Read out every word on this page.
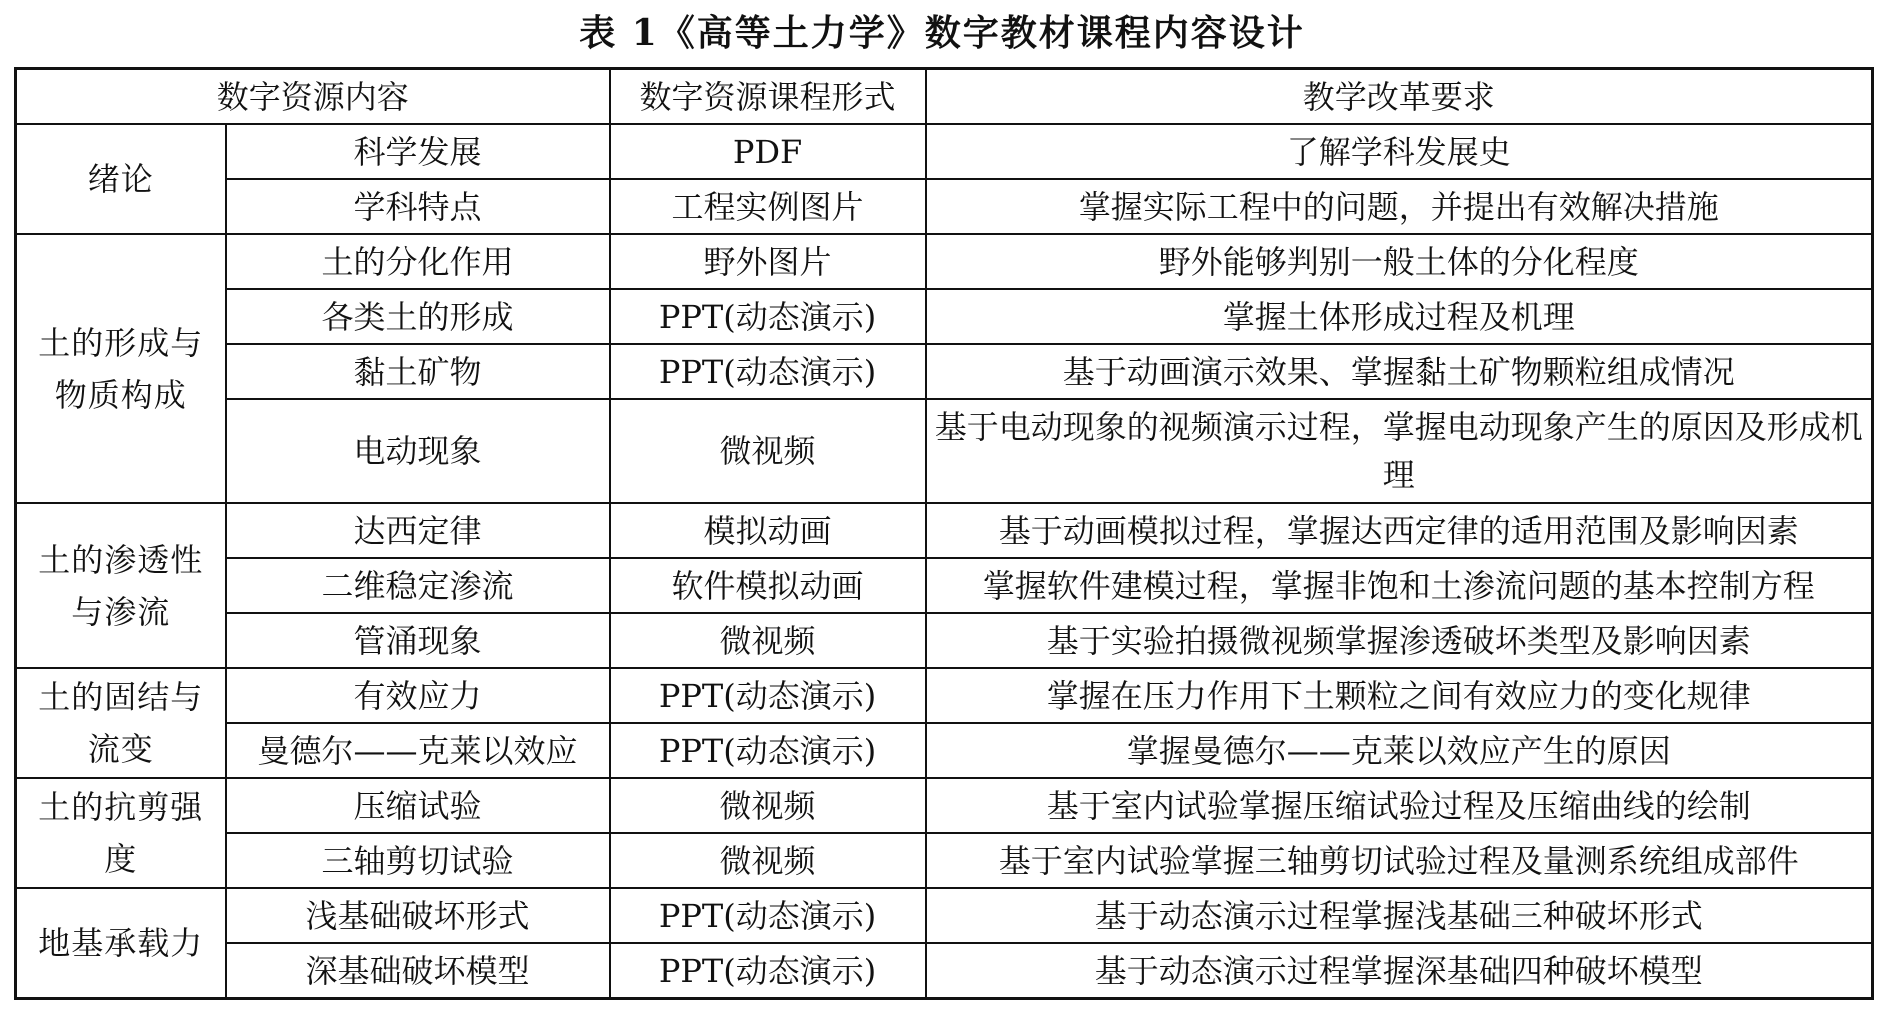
表 1《高等土力学》数字教材课程内容设计
数字资源内容		数字资源课程形式	教学改革要求
绪论	科学发展	PDF	了解学科发展史
	学科特点	工程实例图片	掌握实际工程中的问题，并提出有效解决措施
土的形成与物质构成	土的分化作用	野外图片	野外能够判别一般土体的分化程度
	各类土的形成	PPT(动态演示)	掌握土体形成过程及机理
	黏土矿物	PPT(动态演示)	基于动画演示效果、掌握黏土矿物颗粒组成情况
	电动现象	微视频	基于电动现象的视频演示过程，掌握电动现象产生的原因及形成机理
土的渗透性与渗流	达西定律	模拟动画	基于动画模拟过程，掌握达西定律的适用范围及影响因素
	二维稳定渗流	软件模拟动画	掌握软件建模过程，掌握非饱和土渗流问题的基本控制方程
	管涌现象	微视频	基于实验拍摄微视频掌握渗透破坏类型及影响因素
土的固结与流变	有效应力	PPT(动态演示)	掌握在压力作用下土颗粒之间有效应力的变化规律
	曼德尔——克莱以效应	PPT(动态演示)	掌握曼德尔——克莱以效应产生的原因
土的抗剪强度	压缩试验	微视频	基于室内试验掌握压缩试验过程及压缩曲线的绘制
	三轴剪切试验	微视频	基于室内试验掌握三轴剪切试验过程及量测系统组成部件
地基承载力	浅基础破坏形式	PPT(动态演示)	基于动态演示过程掌握浅基础三种破坏形式
	深基础破坏模型	PPT(动态演示)	基于动态演示过程掌握深基础四种破坏模型
